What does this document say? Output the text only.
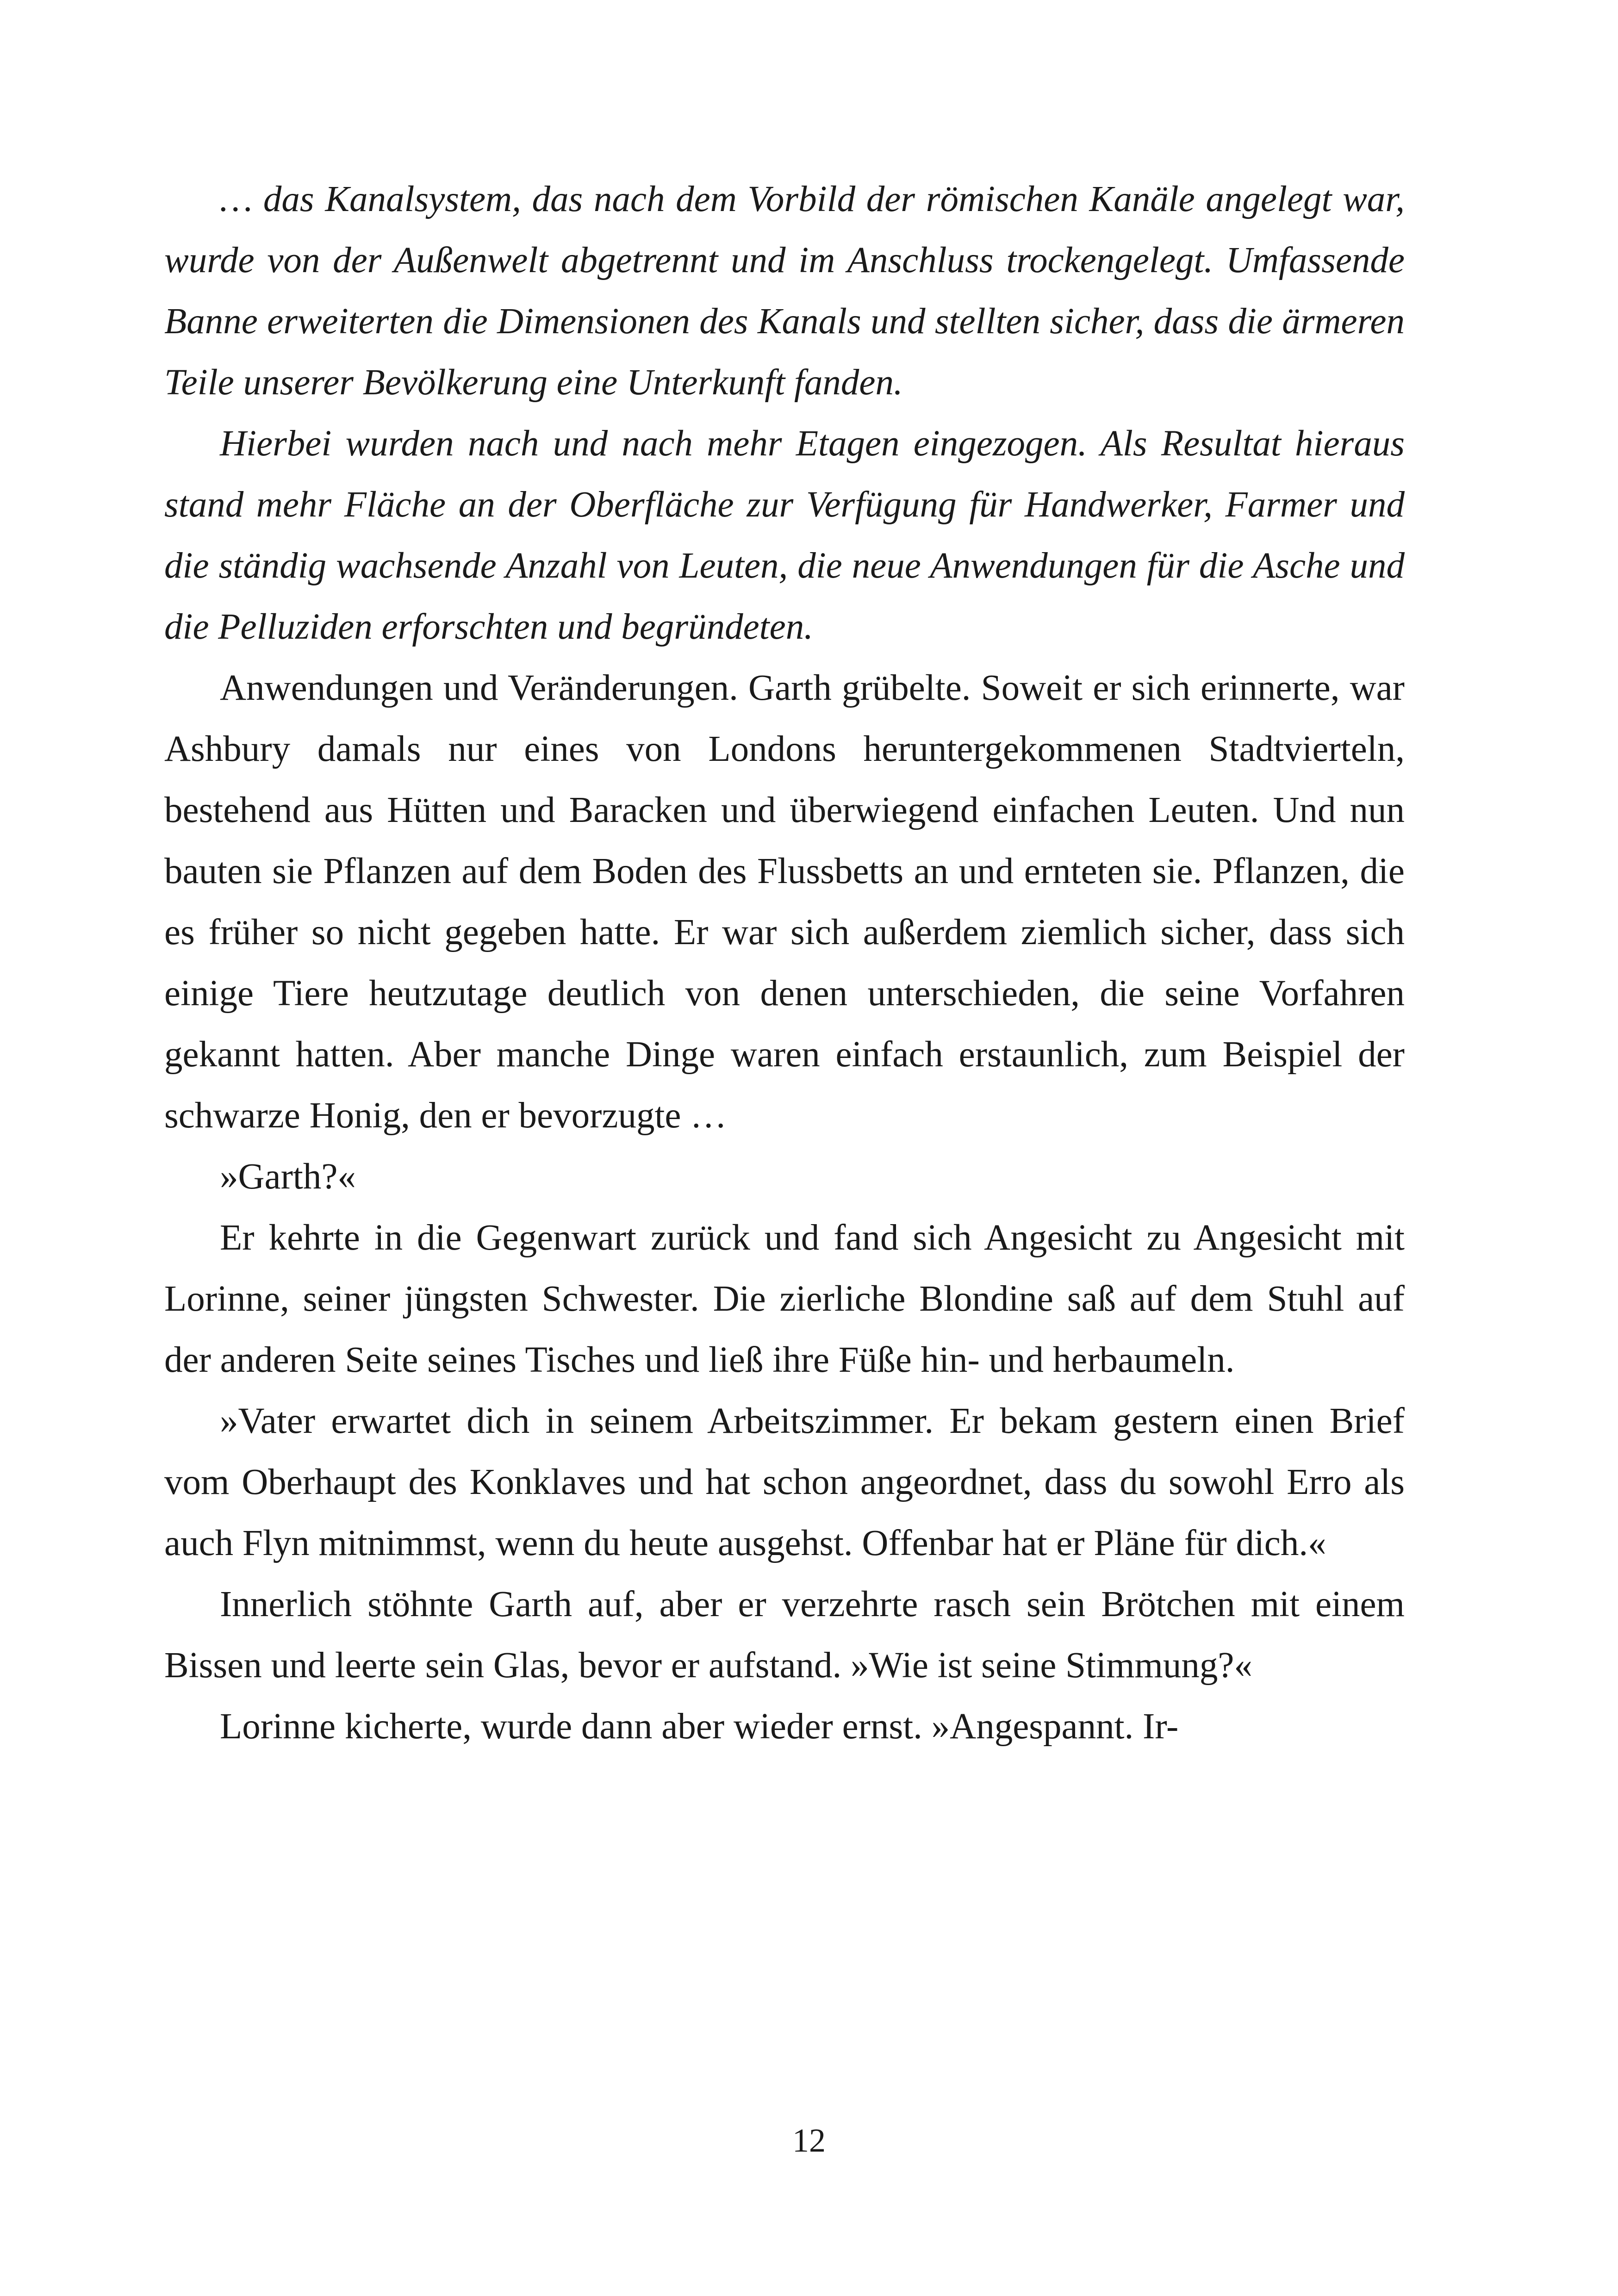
… das Kanalsystem, das nach dem Vorbild der römischen Kanäle angelegt war, wurde von der Außenwelt abgetrennt und im Anschluss trockengelegt. Umfassende Banne erweiterten die Dimensionen des Kanals und stellten sicher, dass die ärmeren Teile unserer Bevölkerung eine Unterkunft fanden.

Hierbei wurden nach und nach mehr Etagen eingezogen. Als Resultat hieraus stand mehr Fläche an der Oberfläche zur Verfügung für Handwerker, Farmer und die ständig wachsende Anzahl von Leuten, die neue Anwendungen für die Asche und die Pelluziden erforschten und begründeten.

Anwendungen und Veränderungen. Garth grübelte. Soweit er sich erinnerte, war Ashbury damals nur eines von Londons heruntergekommenen Stadtvierteln, bestehend aus Hütten und Baracken und überwiegend einfachen Leuten. Und nun bauten sie Pflanzen auf dem Boden des Flussbetts an und ernteten sie. Pflanzen, die es früher so nicht gegeben hatte. Er war sich außerdem ziemlich sicher, dass sich einige Tiere heutzutage deutlich von denen unterschieden, die seine Vorfahren gekannt hatten. Aber manche Dinge waren einfach erstaunlich, zum Beispiel der schwarze Honig, den er bevorzugte …

»Garth?«

Er kehrte in die Gegenwart zurück und fand sich Angesicht zu Angesicht mit Lorinne, seiner jüngsten Schwester. Die zierliche Blondine saß auf dem Stuhl auf der anderen Seite seines Tisches und ließ ihre Füße hin- und herbaumeln.

»Vater erwartet dich in seinem Arbeitszimmer. Er bekam gestern einen Brief vom Oberhaupt des Konklaves und hat schon angeordnet, dass du sowohl Erro als auch Flyn mitnimmst, wenn du heute ausgehst. Offenbar hat er Pläne für dich.«

Innerlich stöhnte Garth auf, aber er verzehrte rasch sein Brötchen mit einem Bissen und leerte sein Glas, bevor er aufstand. »Wie ist seine Stimmung?«

Lorinne kicherte, wurde dann aber wieder ernst. »Angespannt. Ir-

12
